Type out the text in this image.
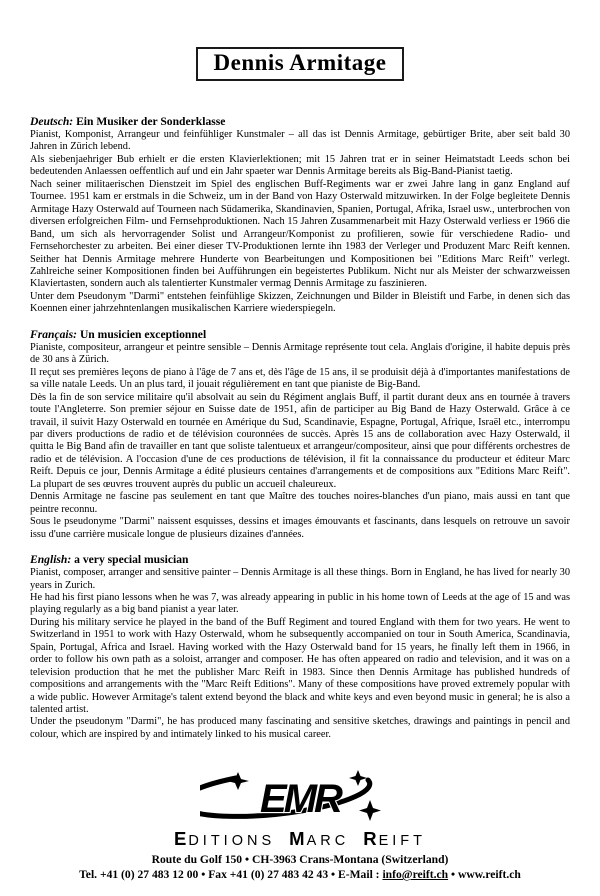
Dennis Armitage
Deutsch: Ein Musiker der Sonderklasse

Pianist, Komponist, Arrangeur und feinfühliger Kunstmaler – all das ist Dennis Armitage, gebürtiger Brite, aber seit bald 30 Jahren in Zürich lebend.

Als siebenjaehriger Bub erhielt er die ersten Klavierlektionen; mit 15 Jahren trat er in seiner Heimatstadt Leeds schon bei bedeutenden Anlaessen oeffentlich auf und ein Jahr spaeter war Dennis Armitage bereits als Big-Band-Pianist taetig.

Nach seiner militaerischen Dienstzeit im Spiel des englischen Buff-Regiments war er zwei Jahre lang in ganz England auf Tournee. 1951 kam er erstmals in die Schweiz, um in der Band von Hazy Osterwald mitzuwirken. In der Folge begleitete Dennis Armitage Hazy Osterwald auf Tourneen nach Südamerika, Skandinavien, Spanien, Portugal, Afrika, Israel usw., unterbrochen von diversen erfolgreichen Film- und Fernsehproduktionen. Nach 15 Jahren Zusammenarbeit mit Hazy Osterwald verliess er 1966 die Band, um sich als hervorragender Solist und Arrangeur/Komponist zu profilieren, sowie für verschiedene Radio- und Fernsehorchester zu arbeiten. Bei einer dieser TV-Produktionen lernte ihn 1983 der Verleger und Produzent Marc Reift kennen. Seither hat Dennis Armitage mehrere Hunderte von Bearbeitungen und Kompositionen bei "Editions Marc Reift" verlegt. Zahlreiche seiner Kompositionen finden bei Aufführungen ein begeistertes Publikum. Nicht nur als Meister der schwarzweissen Klaviertasten, sondern auch als talentierter Kunstmaler vermag Dennis Armitage zu faszinieren.

Unter dem Pseudonym "Darmi" entstehen feinfühlige Skizzen, Zeichnungen und Bilder in Bleistift und Farbe, in denen sich das Koennen einer jahrzehntenlangen musikalischen Karriere wiederspiegeln.

Français: Un musicien exceptionnel

Pianiste, compositeur, arrangeur et peintre sensible – Dennis Armitage représente tout cela. Anglais d'origine, il habite depuis près de 30 ans à Zürich.

Il reçut ses premières leçons de piano à l'âge de 7 ans et, dès l'âge de 15 ans, il se produisit déjà à d'importantes manifestations de sa ville natale Leeds. Un an plus tard, il jouait régulièrement en tant que pianiste de Big-Band.

Dès la fin de son service militaire qu'il absolvait au sein du Régiment anglais Buff, il partit durant deux ans en tournée à travers toute l'Angleterre. Son premier séjour en Suisse date de 1951, afin de participer au Big Band de Hazy Osterwald. Grâce à ce travail, il suivit Hazy Osterwald en tournée en Amérique du Sud, Scandinavie, Espagne, Portugal, Afrique, Israël etc., interrompu par divers productions de radio et de télévision couronnées de succès. Après 15 ans de collaboration avec Hazy Osterwald, il quitta le Big Band afin de travailler en tant que soliste talentueux et arrangeur/compositeur, ainsi que pour différents orchestres de radio et de télévision. A l'occasion d'une de ces productions de télévision, il fit la connaissance du producteur et éditeur Marc Reift. Depuis ce jour, Dennis Armitage a édité plusieurs centaines d'arrangements et de compositions aux "Editions Marc Reift". La plupart de ses œuvres trouvent auprès du public un accueil chaleureux.

Dennis Armitage ne fascine pas seulement en tant que Maître des touches noires-blanches d'un piano, mais aussi en tant que peintre reconnu.

Sous le pseudonyme "Darmi" naissent esquisses, dessins et images émouvants et fascinants, dans lesquels on retrouve un savoir issu d'une carrière musicale longue de plusieurs dizaines d'années.

English: a very special musician

Pianist, composer, arranger and sensitive painter – Dennis Armitage is all these things. Born in England, he has lived for nearly 30 years in Zurich.

He had his first piano lessons when he was 7, was already appearing in public in his home town of Leeds at the age of 15 and was playing regularly as a big band pianist a year later.

During his military service he played in the band of the Buff Regiment and toured England with them for two years. He went to Switzerland in 1951 to work with Hazy Osterwald, whom he subsequently accompanied on tour in South America, Scandinavia, Spain, Portugal, Africa and Israel. Having worked with the Hazy Osterwald band for 15 years, he finally left them in 1966, in order to follow his own path as a soloist, arranger and composer. He has often appeared on radio and television, and it was on a television production that he met the publisher Marc Reift in 1983. Since then Dennis Armitage has published hundreds of compositions and arrangements with the "Marc Reift Editions". Many of these compositions have proved extremely popular with a wide public. However Armitage's talent extend beyond the black and white keys and even beyond music in general; he is also a talented artist.

Under the pseudonym "Darmi", he has produced many fascinating and sensitive sketches, drawings and paintings in pencil and colour, which are inspired by and intimately linked to his musical career.

EMR
EDITIONS MARC REIFT
Route du Golf 150 • CH-3963 Crans-Montana (Switzerland)
Tel. +41 (0) 27 483 12 00 • Fax +41 (0) 27 483 42 43 • E-Mail : info@reift.ch • www.reift.ch
